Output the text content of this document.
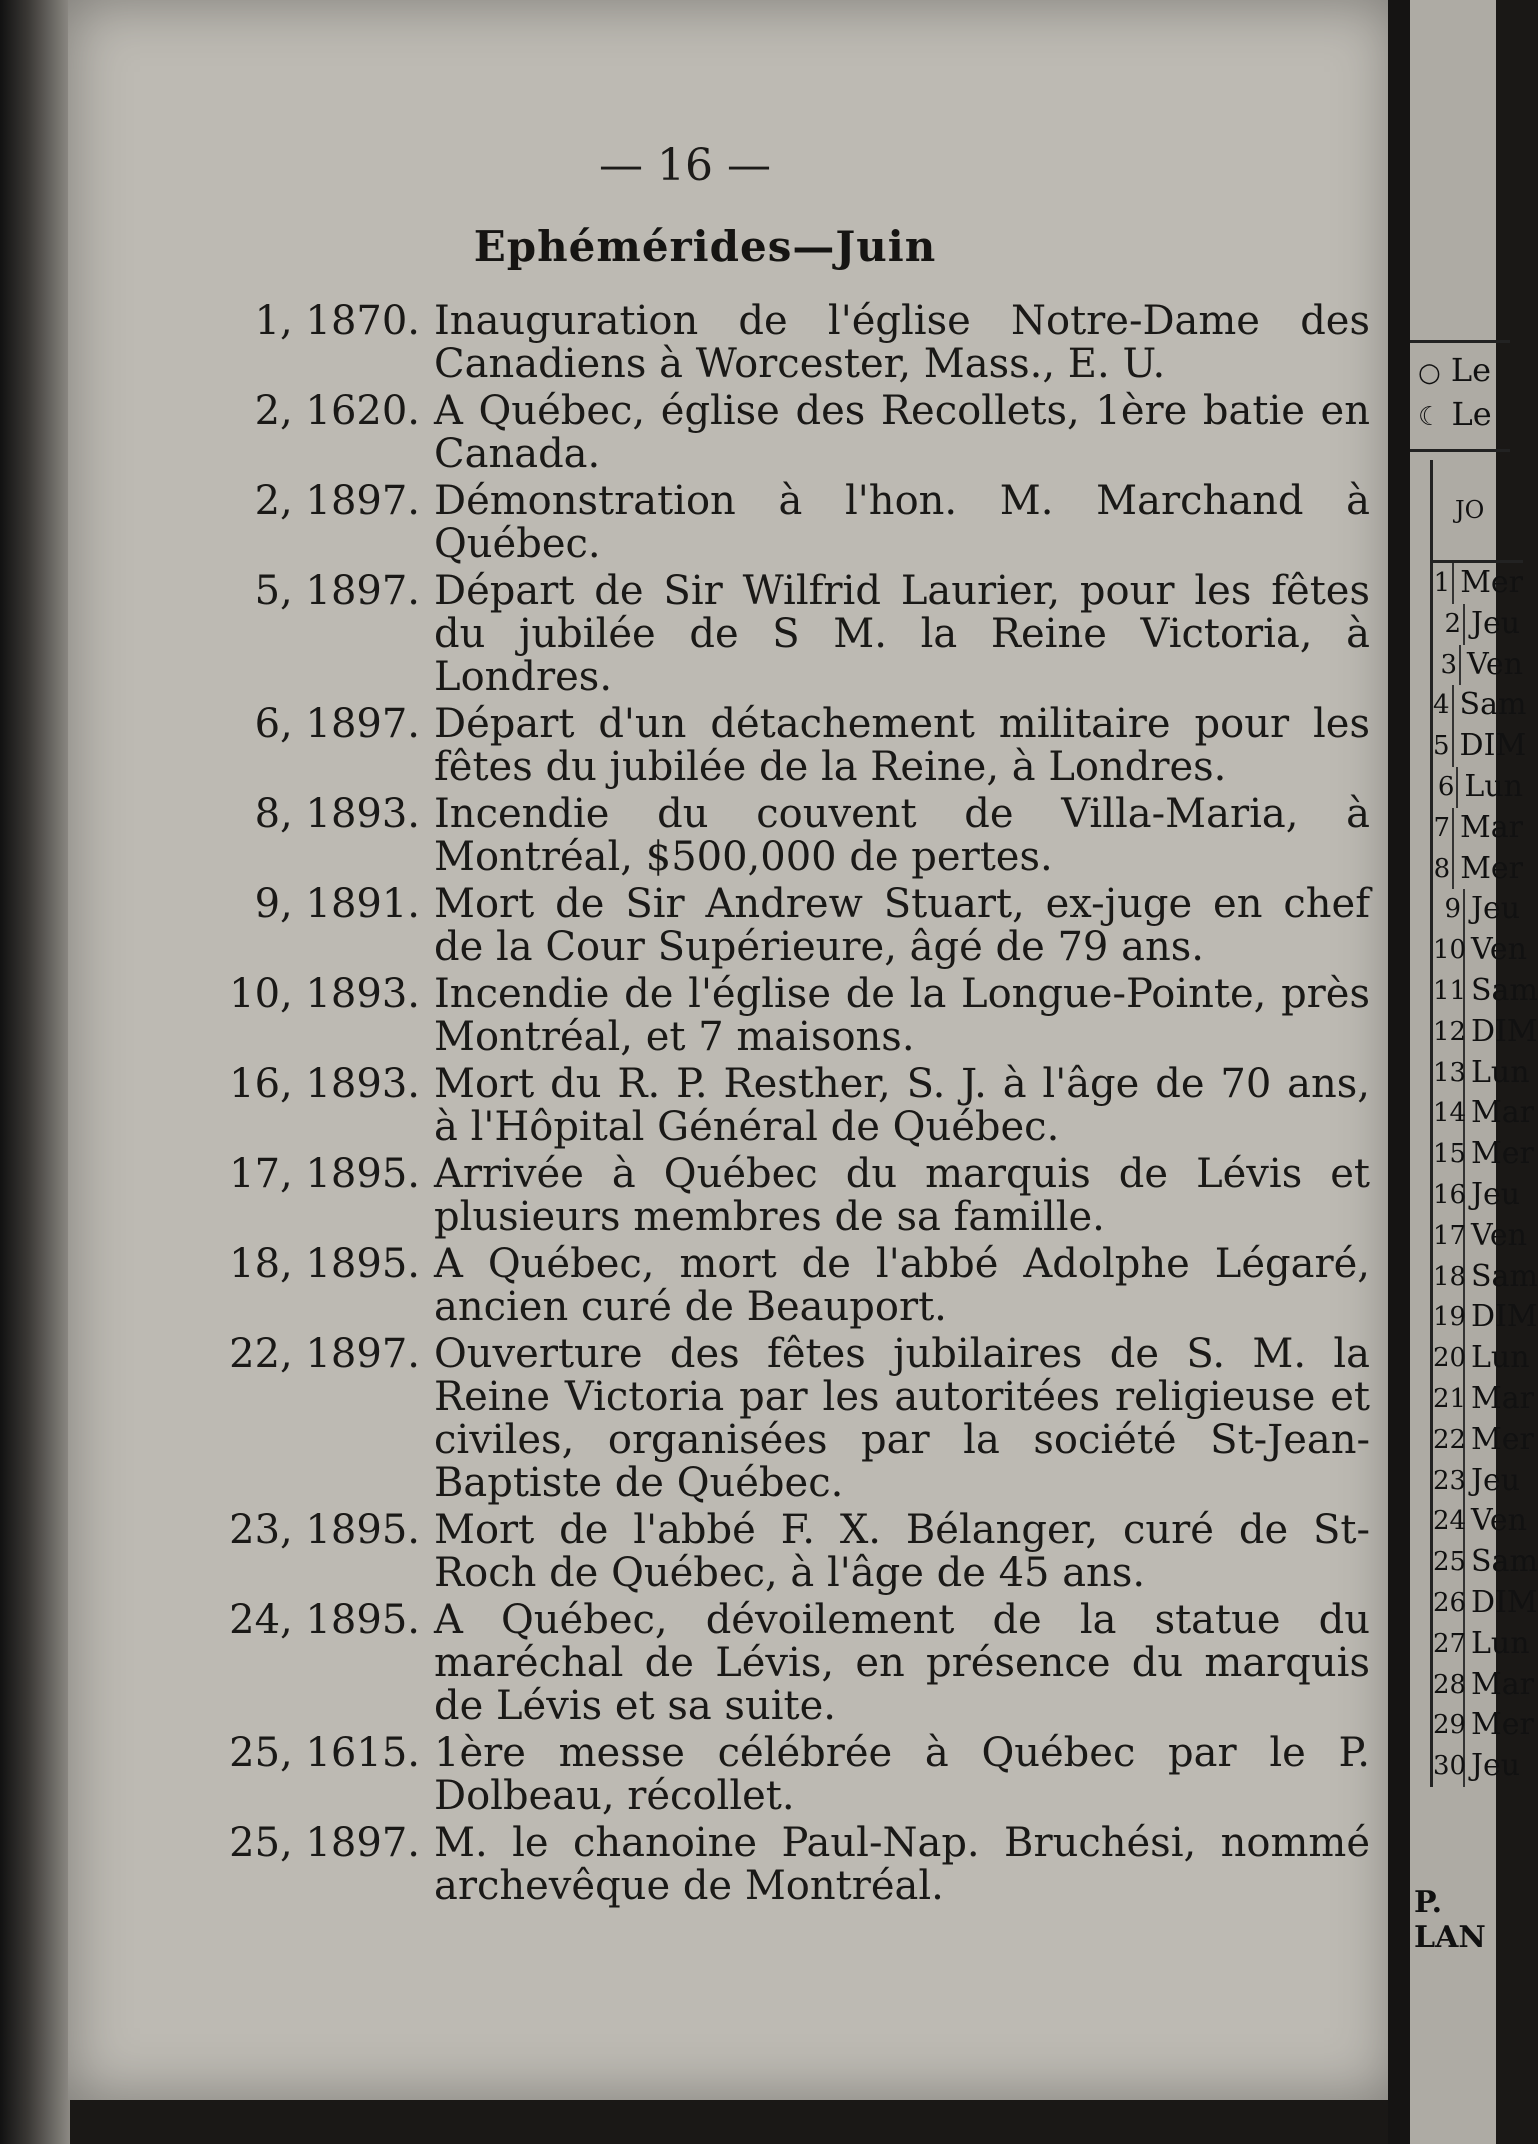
— 16 —
Ephémérides—Juin
1, 1870. Inauguration de l'église Notre-Dame des Canadiens à Worcester, Mass., E. U.
2, 1620. A Québec, église des Recollets, 1ère batie en Canada.
2, 1897. Démonstration à l'hon. M. Marchand à Québec.
5, 1897. Départ de Sir Wilfrid Laurier, pour les fêtes du jubilée de S M. la Reine Victoria, à Londres.
6, 1897. Départ d'un détachement militaire pour les fêtes du jubilée de la Reine, à Londres.
8, 1893. Incendie du couvent de Villa-Maria, à Montréal, $500,000 de pertes.
9, 1891. Mort de Sir Andrew Stuart, ex-juge en chef de la Cour Supérieure, âgé de 79 ans.
10, 1893. Incendie de l'église de la Longue-Pointe, près Montréal, et 7 maisons.
16, 1893. Mort du R. P. Resther, S. J. à l'âge de 70 ans, à l'Hôpital Général de Québec.
17, 1895. Arrivée à Québec du marquis de Lévis et plusieurs membres de sa famille.
18, 1895. A Québec, mort de l'abbé Adolphe Légaré, ancien curé de Beauport.
22, 1897. Ouverture des fêtes jubilaires de S. M. la Reine Victoria par les autoritées religieuse et civiles, organisées par la société St-Jean-Baptiste de Québec.
23, 1895. Mort de l'abbé F. X. Bélanger, curé de St-Roch de Québec, à l'âge de 45 ans.
24, 1895. A Québec, dévoilement de la statue du maréchal de Lévis, en présence du marquis de Lévis et sa suite.
25, 1615. 1ère messe célébrée à Québec par le P. Dolbeau, récollet.
25, 1897. M. le chanoine Paul-Nap. Bruchési, nommé archevêque de Montréal.
○ Le
☾ Le
JO
1 Mer
2 Jeu
3 Ven
4 Sam
5 DIM
6 Lun
7 Mar
8 Mer
9 Jeu
10 Ven
11 Sam
12 DIM
13 Lun
14 Mar
15 Mer
16 Jeu
17 Ven
18 Sam
19 DIM
20 Lun
21 Mar
22 Mer
23 Jeu
24 Ven
25 Sam
26 DIM
27 Lun
28 Mar
29 Mer
30 Jeu
P. LAN
